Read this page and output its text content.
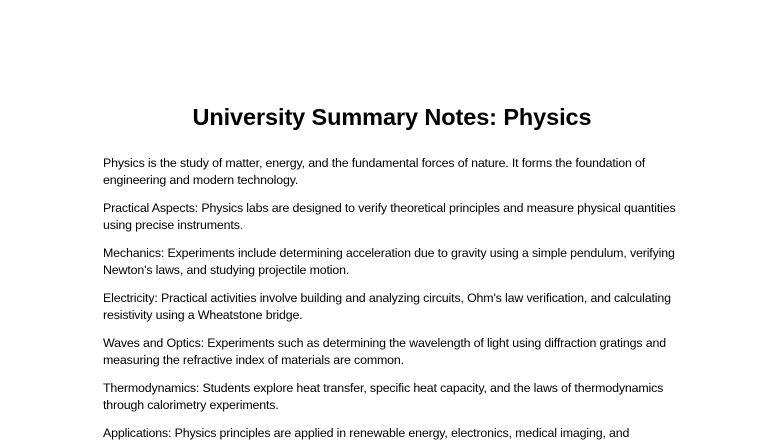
University Summary Notes: Physics

Physics is the study of matter, energy, and the fundamental forces of nature. It forms the foundation of engineering and modern technology.

Practical Aspects: Physics labs are designed to verify theoretical principles and measure physical quantities using precise instruments.

Mechanics: Experiments include determining acceleration due to gravity using a simple pendulum, verifying Newton's laws, and studying projectile motion.

Electricity: Practical activities involve building and analyzing circuits, Ohm's law verification, and calculating resistivity using a Wheatstone bridge.

Waves and Optics: Experiments such as determining the wavelength of light using diffraction gratings and measuring the refractive index of materials are common.

Thermodynamics: Students explore heat transfer, specific heat capacity, and the laws of thermodynamics through calorimetry experiments.

Applications: Physics principles are applied in renewable energy, electronics, medical imaging, and
